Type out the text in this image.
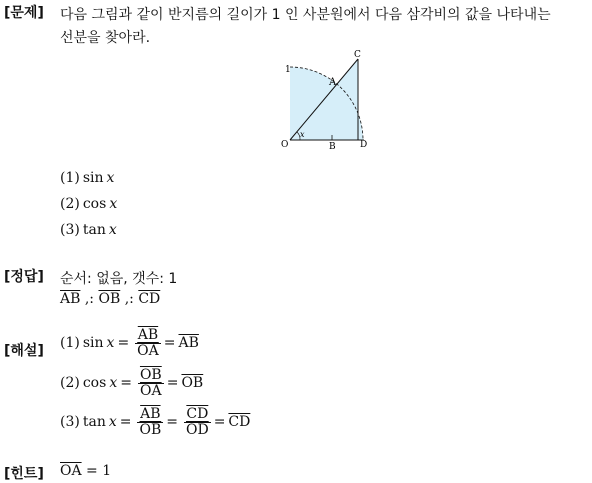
[문제] 다음 그림과 같이 반지름의 길이가 1 인 사분원에서 다음 삼각비의 값을 나타내는
선분을 찾아라.
1
C
A
O	B	D
x
(1) sin x
(2) cos x
(3) tan x
[정답] 순서: 없음, 갯수: 1
$\overline{AB}$ ,: $\overline{OB}$ ,: $\overline{CD}$
[해설] (1) $\sin x = \frac{\overline{AB}}{OA} = \overline{AB}$
(2) $\cos x = \frac{\overline{OB}}{OA} = \overline{OB}$
(3) $\tan x = \frac{\overline{AB}}{OB} = \frac{\overline{CD}}{OD} = \overline{CD}$
[힌트] $\overline{OA} = 1$
